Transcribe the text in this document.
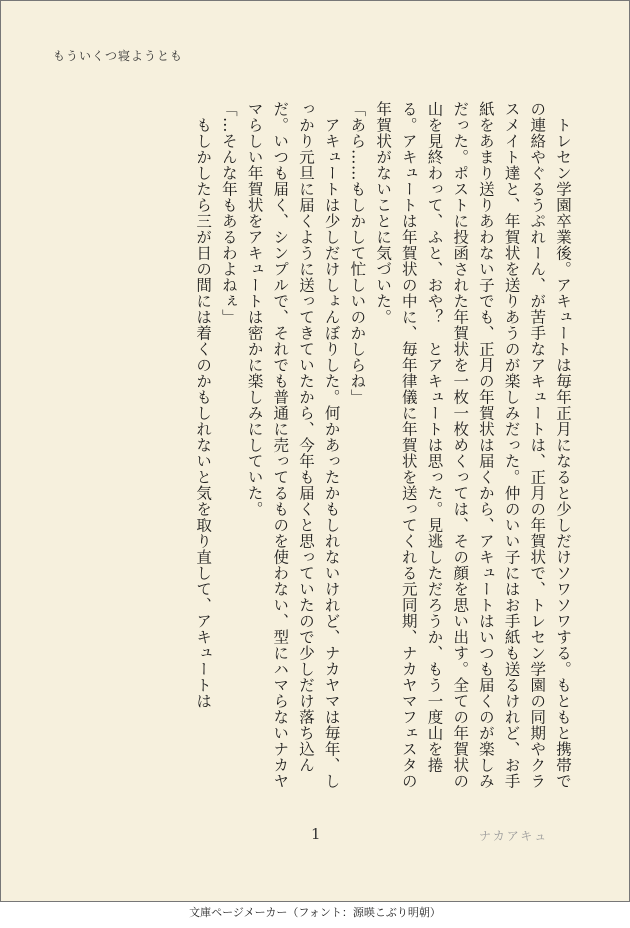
もういくつ寝ようとも

トレセン学園卒業後。アキュートは毎年正月になると少しだけソワソワする。もともと携帯での連絡やぐるうぷれーん、が苦手なアキュートは、正月の年賀状で、トレセン学園の同期やクラスメイト達と、年賀状を送りあうのが楽しみだった。仲のいい子にはお手紙も送るけれど、お手紙をあまり送りあわない子でも、正月の年賀状は届くから、アキュートはいつも届くのが楽しみだった。ポストに投函された年賀状を一枚一枚めくっては、その顔を思い出す。全ての年賀状の山を見終わって、ふと、おや？　とアキュートは思った。見逃しただろうか、もう一度山を捲る。アキュートは年賀状の中に、毎年律儀に年賀状を送ってくれる元同期、ナカヤマフェスタの年賀状がないことに気づいた。

「あら……もしかして忙しいのかしらね」

アキュートは少しだけしょんぼりした。何かあったかもしれないけれど、ナカヤマは毎年、しっかり元旦に届くように送ってきていたから、今年も届くと思っていたので少しだけ落ち込んだ。いつも届く、シンプルで、それでも普通に売ってるものを使わない、型にハマらないナカヤマらしい年賀状をアキュートは密かに楽しみにしていた。

「…そんな年もあるわよねぇ」

もしかしたら三が日の間には着くのかもしれないと気を取り直して、アキュートは

1	ナカアキュ
文庫ページメーカー（フォント：源暎こぶり明朝）
